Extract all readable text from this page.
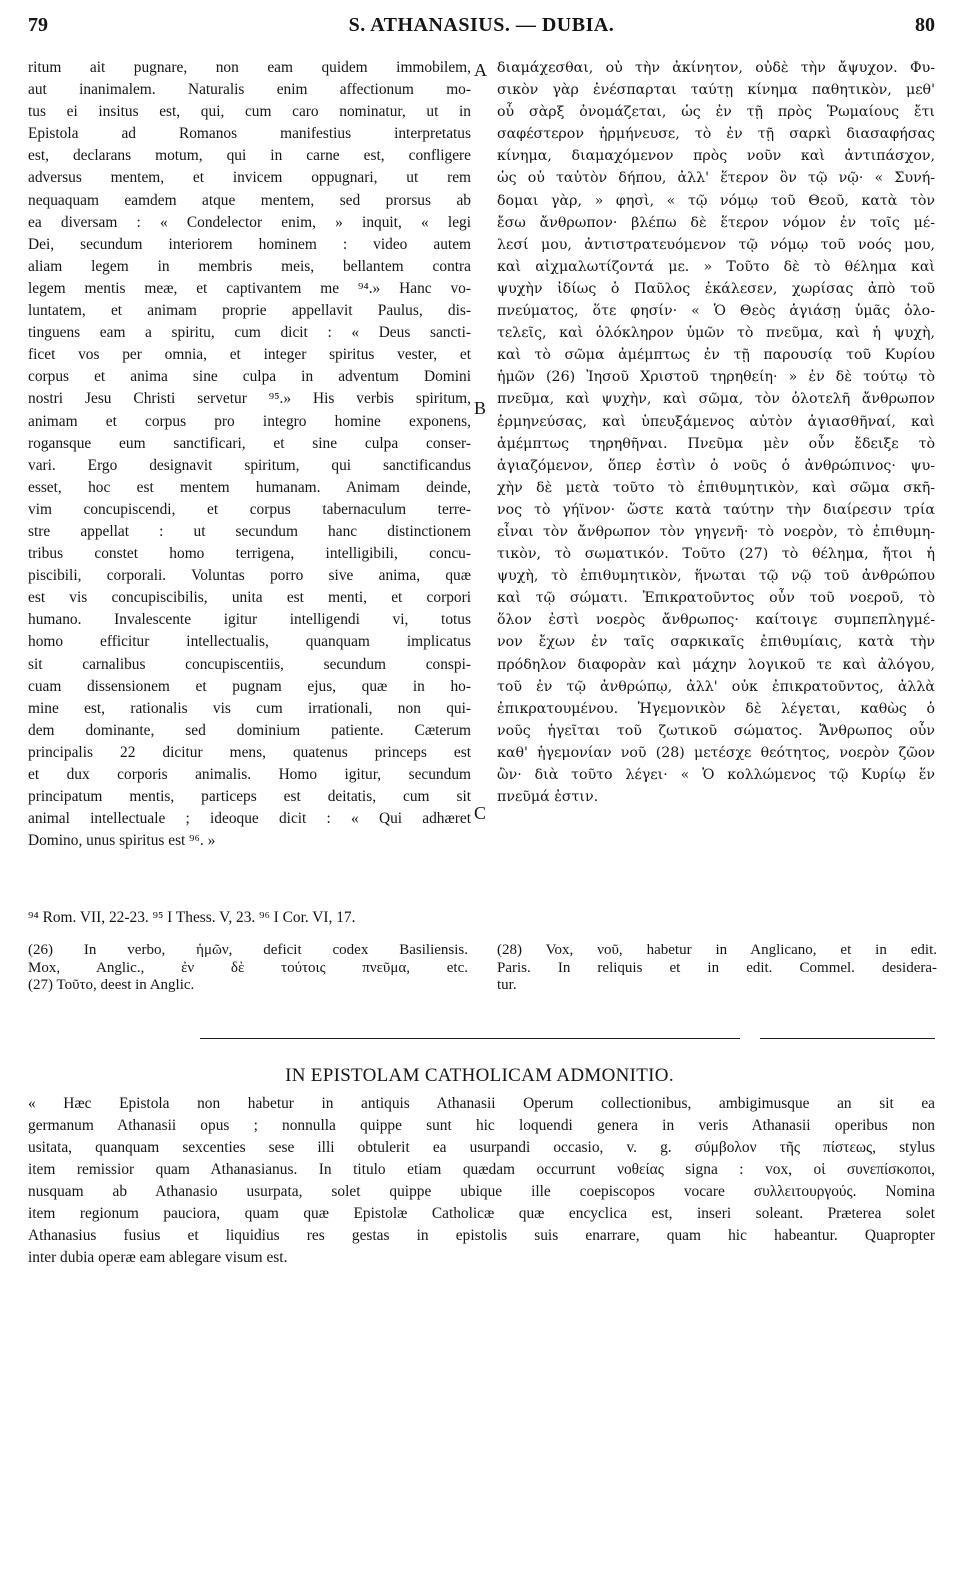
79	S. ATHANASIUS. — DUBIA.	80
ritum ait pugnare, non eam quidem immobilem,
aut inanimalem. Naturalis enim affectionum mo-
tus ei insitus est, qui, cum caro nominatur, ut in
Epistola ad Romanos manifestius interpretatus
est, declarans motum, qui in carne est, confligere
adversus mentem, et invicem oppugnari, ut rem
nequaquam eamdem atque mentem, sed prorsus ab
ea diversam : « Condelector enim, » inquit, « legi
Dei, secundum interiorem hominem : video autem
aliam legem in membris meis, bellantem contra
legem mentis meæ, et captivantem me ⁹⁴.» Hanc vo-
luntatem, et animam proprie appellavit Paulus, dis-
tinguens eam a spiritu, cum dicit : « Deus sancti-
ficet vos per omnia, et integer spiritus vester, et
corpus et anima sine culpa in adventum Domini
nostri Jesu Christi servetur ⁹⁵.» His verbis spiritum,
animam et corpus pro integro homine exponens,
rogansque eum sanctificari, et sine culpa conser-
vari. Ergo designavit spiritum, qui sanctificandus
esset, hoc est mentem humanam. Animam deinde,
vim concupiscendi, et corpus tabernaculum terre-
stre appellat : ut secundum hanc distinctionem
tribus constet homo terrigena, intelligibili, concu-
piscibili, corporali. Voluntas porro sive anima, quæ
est vis concupiscibilis, unita est menti, et corpori
humano. Invalescente igitur intelligendi vi, totus
homo efficitur intellectualis, quanquam implicatus
sit carnalibus concupiscentiis, secundum conspi-
cuam dissensionem et pugnam ejus, quæ in ho-
mine est, rationalis vis cum irrationali, non qui-
dem dominante, sed dominium patiente. Cæterum
principalis 22 dicitur mens, quatenus princeps est
et dux corporis animalis. Homo igitur, secundum
principatum mentis, particeps est deitatis, cum sit
animal intellectuale ; ideoque dicit : « Qui adhæret
Domino, unus spiritus est ⁹⁶. »
A
B
C
διαμάχεσθαι, οὐ τὴν ἀκίνητον, οὐδὲ τὴν ἄψυχον. Φυ-
σικὸν γὰρ ἐνέσπαρται ταύτῃ κίνημα παθητικὸν, μεθ'
οὗ σὰρξ ὀνομάζεται, ὡς ἐν τῇ πρὸς Ῥωμαίους ἔτι
σαφέστερον ἡρμήνευσε, τὸ ἐν τῇ σαρκὶ διασαφήσας
κίνημα, διαμαχόμενον πρὸς νοῦν καὶ ἀντιπάσχον,
ὡς οὐ ταὐτὸν δήπου, ἀλλ' ἕτερον ὂν τῷ νῷ· « Συνή-
δομαι γὰρ, » φησὶ, « τῷ νόμῳ τοῦ Θεοῦ, κατὰ τὸν
ἔσω ἄνθρωπον· βλέπω δὲ ἕτερον νόμον ἐν τοῖς μέ-
λεσί μου, ἀντιστρατευόμενον τῷ νόμῳ τοῦ νοός μου,
καὶ αἰχμαλωτίζοντά με. » Τοῦτο δὲ τὸ θέλημα καὶ
ψυχὴν ἰδίως ὁ Παῦλος ἐκάλεσεν, χωρίσας ἀπὸ τοῦ
πνεύματος, ὅτε φησίν· « Ὁ Θεὸς ἁγιάσῃ ὑμᾶς ὁλο-
τελεῖς, καὶ ὁλόκληρον ὑμῶν τὸ πνεῦμα, καὶ ἡ ψυχὴ,
καὶ τὸ σῶμα ἀμέμπτως ἐν τῇ παρουσίᾳ τοῦ Κυρίου
ἡμῶν (26) Ἰησοῦ Χριστοῦ τηρηθείη· » ἐν δὲ τούτῳ τὸ
πνεῦμα, καὶ ψυχὴν, καὶ σῶμα, τὸν ὁλοτελῆ ἄνθρωπον
ἑρμηνεύσας, καὶ ὑπευξάμενος αὐτὸν ἁγιασθῆναί, καὶ
ἀμέμπτως τηρηθῆναι. Πνεῦμα μὲν οὖν ἔδειξε τὸ
ἁγιαζόμενον, ὅπερ ἐστὶν ὁ νοῦς ὁ ἀνθρώπινος· ψυ-
χὴν δὲ μετὰ τοῦτο τὸ ἐπιθυμητικὸν, καὶ σῶμα σκῆ-
νος τὸ γήϊνον· ὥστε κατὰ ταύτην τὴν διαίρεσιν τρία
εἶναι τὸν ἄνθρωπον τὸν γηγενῆ· τὸ νοερὸν, τὸ ἐπιθυμη-
τικὸν, τὸ σωματικόν. Τοῦτο (27) τὸ θέλημα, ἤτοι ἡ
ψυχὴ, τὸ ἐπιθυμητικὸν, ἥνωται τῷ νῷ τοῦ ἀνθρώπου
καὶ τῷ σώματι. Ἐπικρατοῦντος οὖν τοῦ νοεροῦ, τὸ
ὅλον ἐστὶ νοερὸς ἄνθρωπος· καίτοιγε συμπεπληγμέ-
νον ἔχων ἐν ταῖς σαρκικαῖς ἐπιθυμίαις, κατὰ τὴν
πρόδηλον διαφορὰν καὶ μάχην λογικοῦ τε καὶ ἀλόγου,
τοῦ ἐν τῷ ἀνθρώπῳ, ἀλλ' οὐκ ἐπικρατοῦντος, ἀλλὰ
ἐπικρατουμένου. Ἡγεμονικὸν δὲ λέγεται, καθὼς ὁ
νοῦς ἡγεῖται τοῦ ζωτικοῦ σώματος. Ἄνθρωπος οὖν
καθ' ἡγεμονίαν νοῦ (28) μετέσχε θεότητος, νοερὸν ζῶον
ὢν· διὰ τοῦτο λέγει· « Ὁ κολλώμενος τῷ Κυρίῳ ἕν
πνεῦμά ἐστιν.
⁹⁴ Rom. VII, 22-23. ⁹⁵ I Thess. V, 23. ⁹⁶ I Cor. VI, 17.
(26) In verbo, ἡμῶν, deficit codex Basiliensis.
Mox, Anglic., ἐν δὲ τούτοις πνεῦμα, etc.
(27) Τοῦτο, deest in Anglic.
(28) Vox, νοῦ, habetur in Anglicano, et in edit.
Paris. In reliquis et in edit. Commel. desidera-
tur.
IN EPISTOLAM CATHOLICAM ADMONITIO.
« Hæc Epistola non habetur in antiquis Athanasii Operum collectionibus, ambigimusque an sit ea
germanum Athanasii opus ; nonnulla quippe sunt hic loquendi genera in veris Athanasii operibus non
usitata, quanquam sexcenties sese illi obtulerit ea usurpandi occasio, v. g. σύμβολον τῆς πίστεως, stylus
item remissior quam Athanasianus. In titulo etiam quædam occurrunt νοθείας signa : vox, οἱ συνεπίσκοποι,
nusquam ab Athanasio usurpata, solet quippe ubique ille coepiscopos vocare συλλειτουργούς. Nomina
item regionum pauciora, quam quæ Epistolæ Catholicæ quæ encyclica est, inseri soleant. Præterea solet
Athanasius fusius et liquidius res gestas in epistolis suis enarrare, quam hic habeantur. Quapropter
inter dubia operæ eam ablegare visum est.
